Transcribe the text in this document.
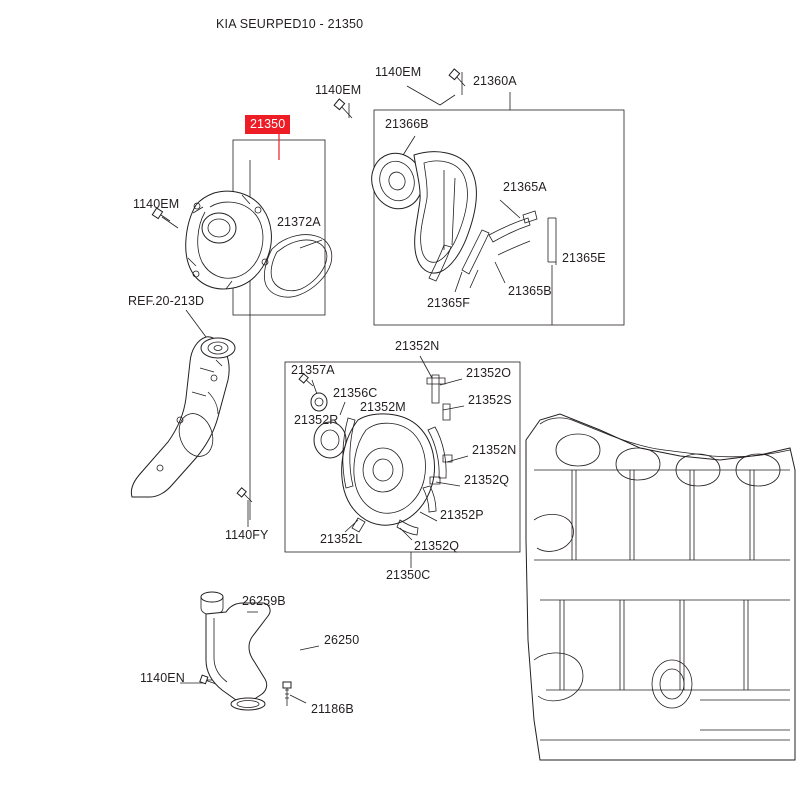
KIA SEURPED10 - 21350
21350
1140EM
21360A
1140EM
21366B
21365A
1140EM
21372A
21365E
21365F
21365B
REF.20-213D
21352N
21357A	21352O
21356C	21352S
21352M
21352R
21352N
21352Q
21352P
1140FY	21352L	21352Q
21350C
26259B
26250
1140EN
21186B
